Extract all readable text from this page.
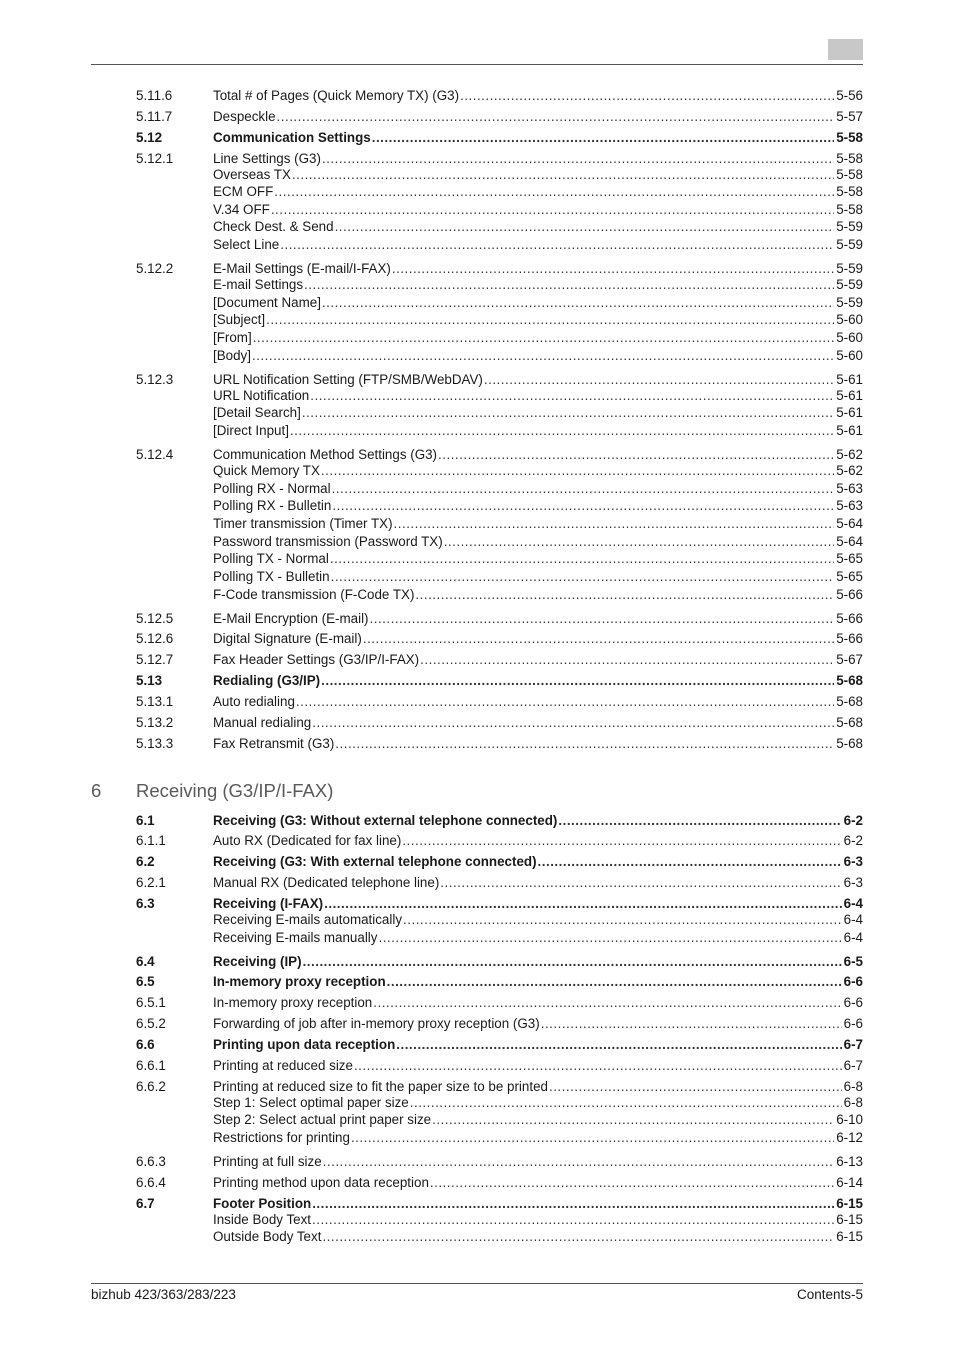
5.11.6	Total # of Pages (Quick Memory TX) (G3) .....	5-56
5.11.7	Despeckle .....	5-57
5.12	Communication Settings .....	5-58
5.12.1	Line Settings (G3) .....	5-58
Overseas TX .....	5-58
ECM OFF .....	5-58
V.34 OFF .....	5-58
Check Dest. & Send .....	5-59
Select Line .....	5-59
5.12.2	E-Mail Settings (E-mail/I-FAX) .....	5-59
E-mail Settings .....	5-59
[Document Name] .....	5-59
[Subject] .....	5-60
[From] .....	5-60
[Body] .....	5-60
5.12.3	URL Notification Setting (FTP/SMB/WebDAV) .....	5-61
URL Notification .....	5-61
[Detail Search] .....	5-61
[Direct Input] .....	5-61
5.12.4	Communication Method Settings (G3) .....	5-62
Quick Memory TX .....	5-62
Polling RX - Normal .....	5-63
Polling RX - Bulletin .....	5-63
Timer transmission (Timer TX) .....	5-64
Password transmission (Password TX) .....	5-64
Polling TX - Normal .....	5-65
Polling TX - Bulletin .....	5-65
F-Code transmission (F-Code TX) .....	5-66
5.12.5	E-Mail Encryption (E-mail) .....	5-66
5.12.6	Digital Signature (E-mail) .....	5-66
5.12.7	Fax Header Settings (G3/IP/I-FAX) .....	5-67
5.13	Redialing (G3/IP) .....	5-68
5.13.1	Auto redialing .....	5-68
5.13.2	Manual redialing .....	5-68
5.13.3	Fax Retransmit (G3) .....	5-68
6.1	Receiving (G3: Without external telephone connected) .....	6-2
6.1.1	Auto RX (Dedicated for fax line) .....	6-2
6.2	Receiving (G3: With external telephone connected) .....	6-3
6.2.1	Manual RX (Dedicated telephone line) .....	6-3
6.3	Receiving (I-FAX) .....	6-4
Receiving E-mails automatically .....	6-4
Receiving E-mails manually .....	6-4
6.4	Receiving (IP) .....	6-5
6.5	In-memory proxy reception .....	6-6
6.5.1	In-memory proxy reception .....	6-6
6.5.2	Forwarding of job after in-memory proxy reception (G3) .....	6-6
6.6	Printing upon data reception .....	6-7
6.6.1	Printing at reduced size .....	6-7
6.6.2	Printing at reduced size to fit the paper size to be printed .....	6-8
Step 1: Select optimal paper size .....	6-8
Step 2: Select actual print paper size .....	6-10
Restrictions for printing .....	6-12
6.6.3	Printing at full size .....	6-13
6.6.4	Printing method upon data reception .....	6-14
6.7	Footer Position .....	6-15
Inside Body Text .....	6-15
Outside Body Text .....	6-15
6 Receiving (G3/IP/I-FAX)
bizhub 423/363/283/223	Contents-5
